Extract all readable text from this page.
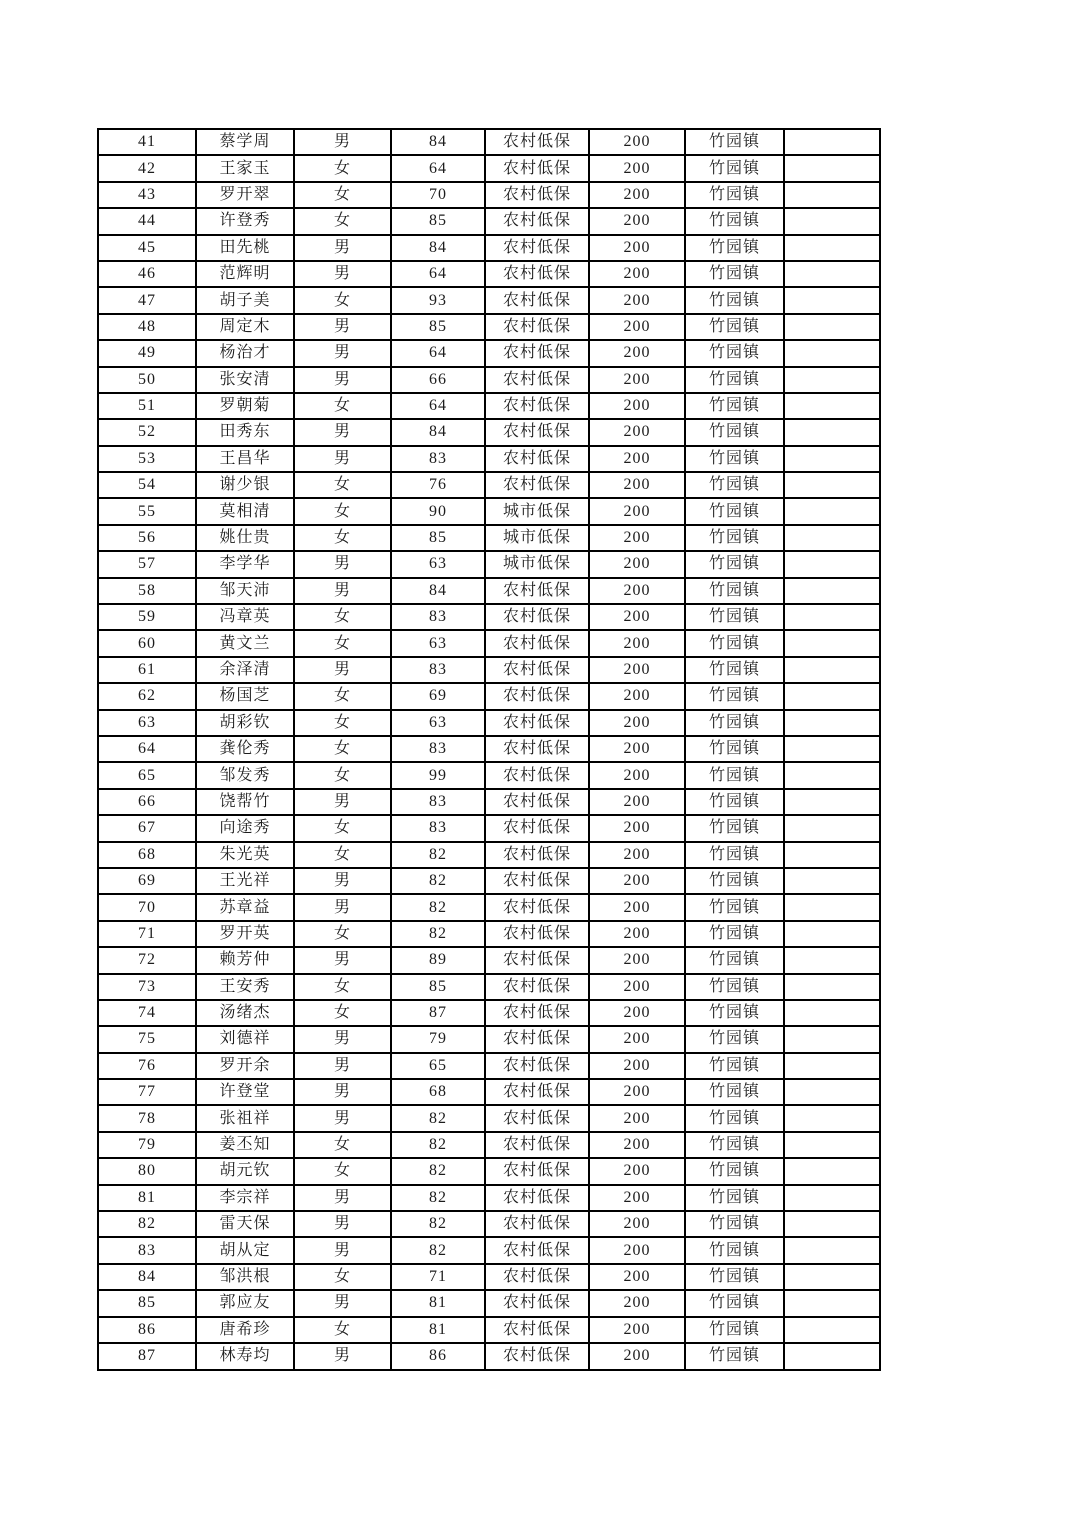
41	蔡学周	男	84	农村低保	200	竹园镇	
42	王家玉	女	64	农村低保	200	竹园镇	
43	罗开翠	女	70	农村低保	200	竹园镇	
44	许登秀	女	85	农村低保	200	竹园镇	
45	田先桃	男	84	农村低保	200	竹园镇	
46	范辉明	男	64	农村低保	200	竹园镇	
47	胡子美	女	93	农村低保	200	竹园镇	
48	周定木	男	85	农村低保	200	竹园镇	
49	杨治才	男	64	农村低保	200	竹园镇	
50	张安清	男	66	农村低保	200	竹园镇	
51	罗朝菊	女	64	农村低保	200	竹园镇	
52	田秀东	男	84	农村低保	200	竹园镇	
53	王昌华	男	83	农村低保	200	竹园镇	
54	谢少银	女	76	农村低保	200	竹园镇	
55	莫相清	女	90	城市低保	200	竹园镇	
56	姚仕贵	女	85	城市低保	200	竹园镇	
57	李学华	男	63	城市低保	200	竹园镇	
58	邹天沛	男	84	农村低保	200	竹园镇	
59	冯章英	女	83	农村低保	200	竹园镇	
60	黄文兰	女	63	农村低保	200	竹园镇	
61	余泽清	男	83	农村低保	200	竹园镇	
62	杨国芝	女	69	农村低保	200	竹园镇	
63	胡彩钦	女	63	农村低保	200	竹园镇	
64	龚伦秀	女	83	农村低保	200	竹园镇	
65	邹发秀	女	99	农村低保	200	竹园镇	
66	饶帮竹	男	83	农村低保	200	竹园镇	
67	向途秀	女	83	农村低保	200	竹园镇	
68	朱光英	女	82	农村低保	200	竹园镇	
69	王光祥	男	82	农村低保	200	竹园镇	
70	苏章益	男	82	农村低保	200	竹园镇	
71	罗开英	女	82	农村低保	200	竹园镇	
72	赖芳仲	男	89	农村低保	200	竹园镇	
73	王安秀	女	85	农村低保	200	竹园镇	
74	汤绪杰	女	87	农村低保	200	竹园镇	
75	刘德祥	男	79	农村低保	200	竹园镇	
76	罗开余	男	65	农村低保	200	竹园镇	
77	许登堂	男	68	农村低保	200	竹园镇	
78	张祖祥	男	82	农村低保	200	竹园镇	
79	姜丕知	女	82	农村低保	200	竹园镇	
80	胡元钦	女	82	农村低保	200	竹园镇	
81	李宗祥	男	82	农村低保	200	竹园镇	
82	雷天保	男	82	农村低保	200	竹园镇	
83	胡从定	男	82	农村低保	200	竹园镇	
84	邹洪根	女	71	农村低保	200	竹园镇	
85	郭应友	男	81	农村低保	200	竹园镇	
86	唐希珍	女	81	农村低保	200	竹园镇	
87	林寿均	男	86	农村低保	200	竹园镇	
